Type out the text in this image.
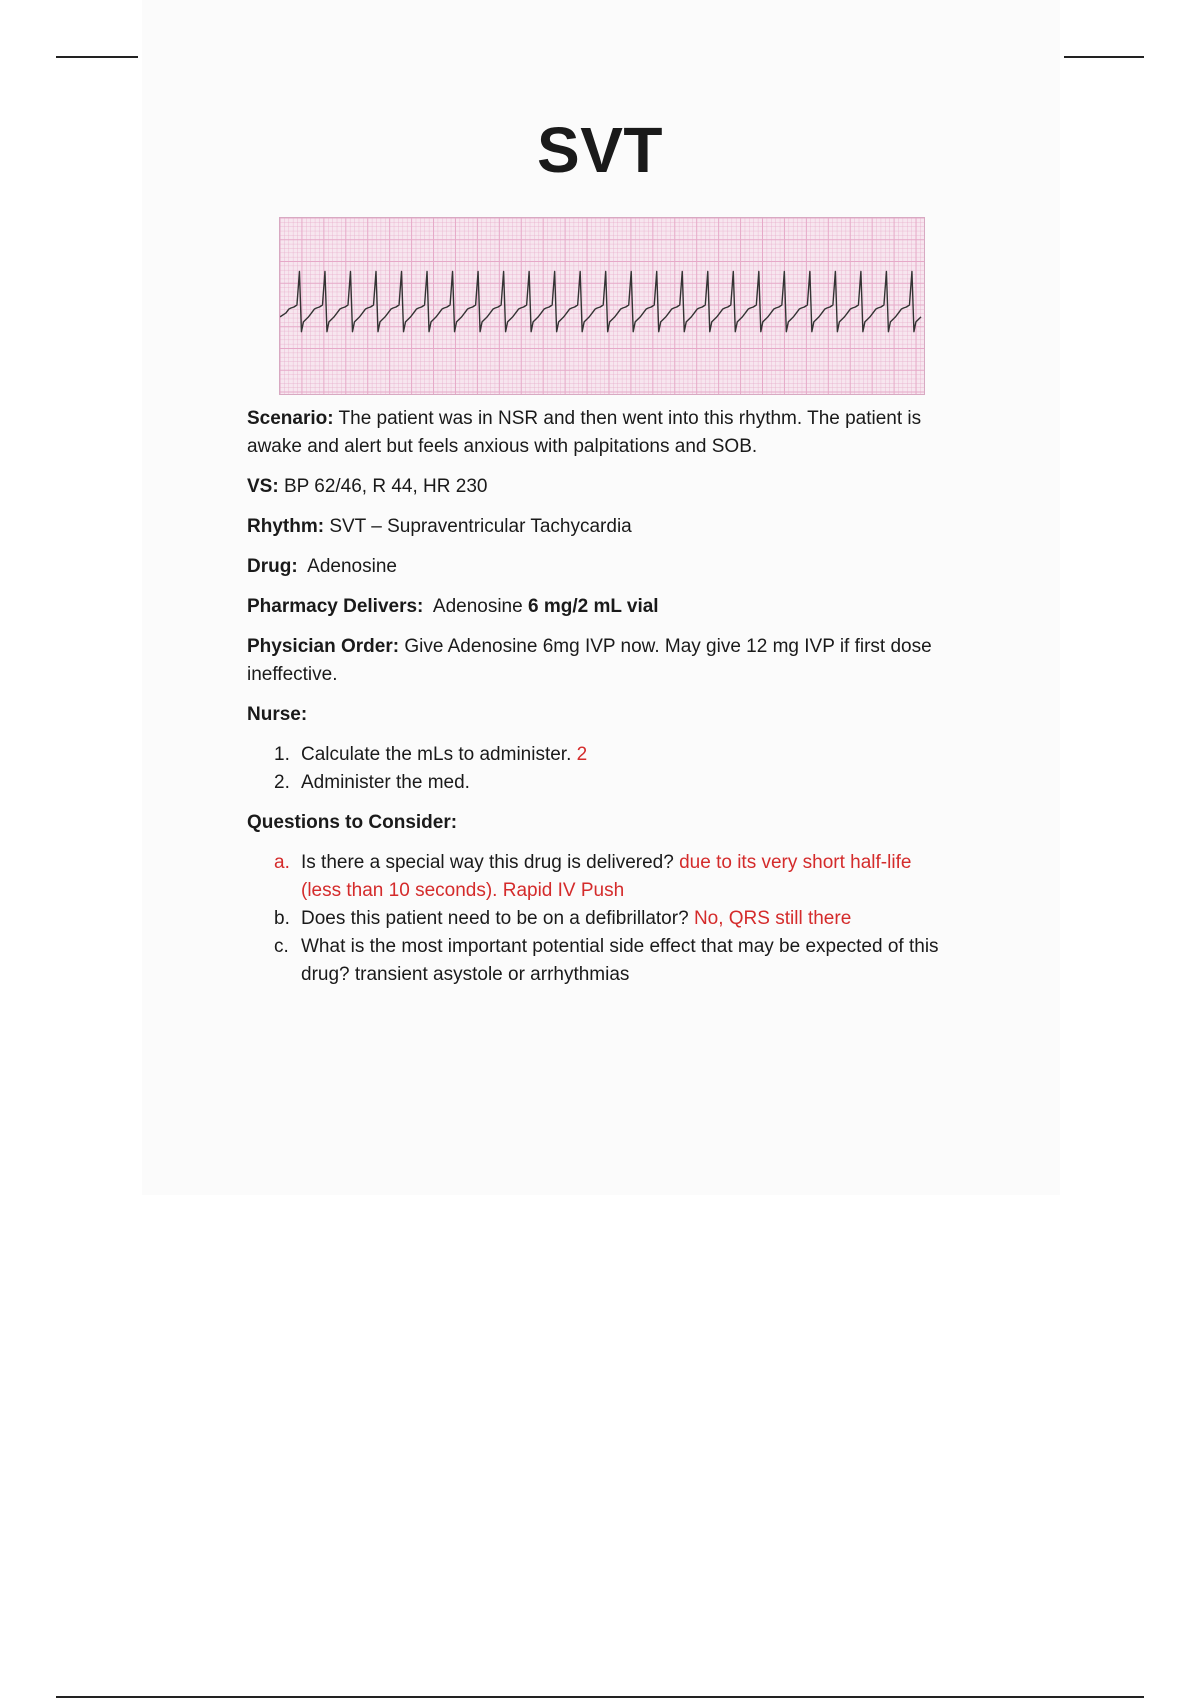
SVT

Scenario: The patient was in NSR and then went into this rhythm. The patient is awake and alert but feels anxious with palpitations and SOB.

VS: BP 62/46, R 44, HR 230

Rhythm: SVT – Supraventricular Tachycardia

Drug:  Adenosine

Pharmacy Delivers:  Adenosine 6 mg/2 mL vial

Physician Order: Give Adenosine 6mg IVP now. May give 12 mg IVP if first dose ineffective.

Nurse:

1. Calculate the mLs to administer. 2
2. Administer the med.

Questions to Consider:

a. Is there a special way this drug is delivered? due to its very short half-life (less than 10 seconds). Rapid IV Push
b. Does this patient need to be on a defibrillator? No, QRS still there
c. What is the most important potential side effect that may be expected of this drug? transient asystole or arrhythmias
